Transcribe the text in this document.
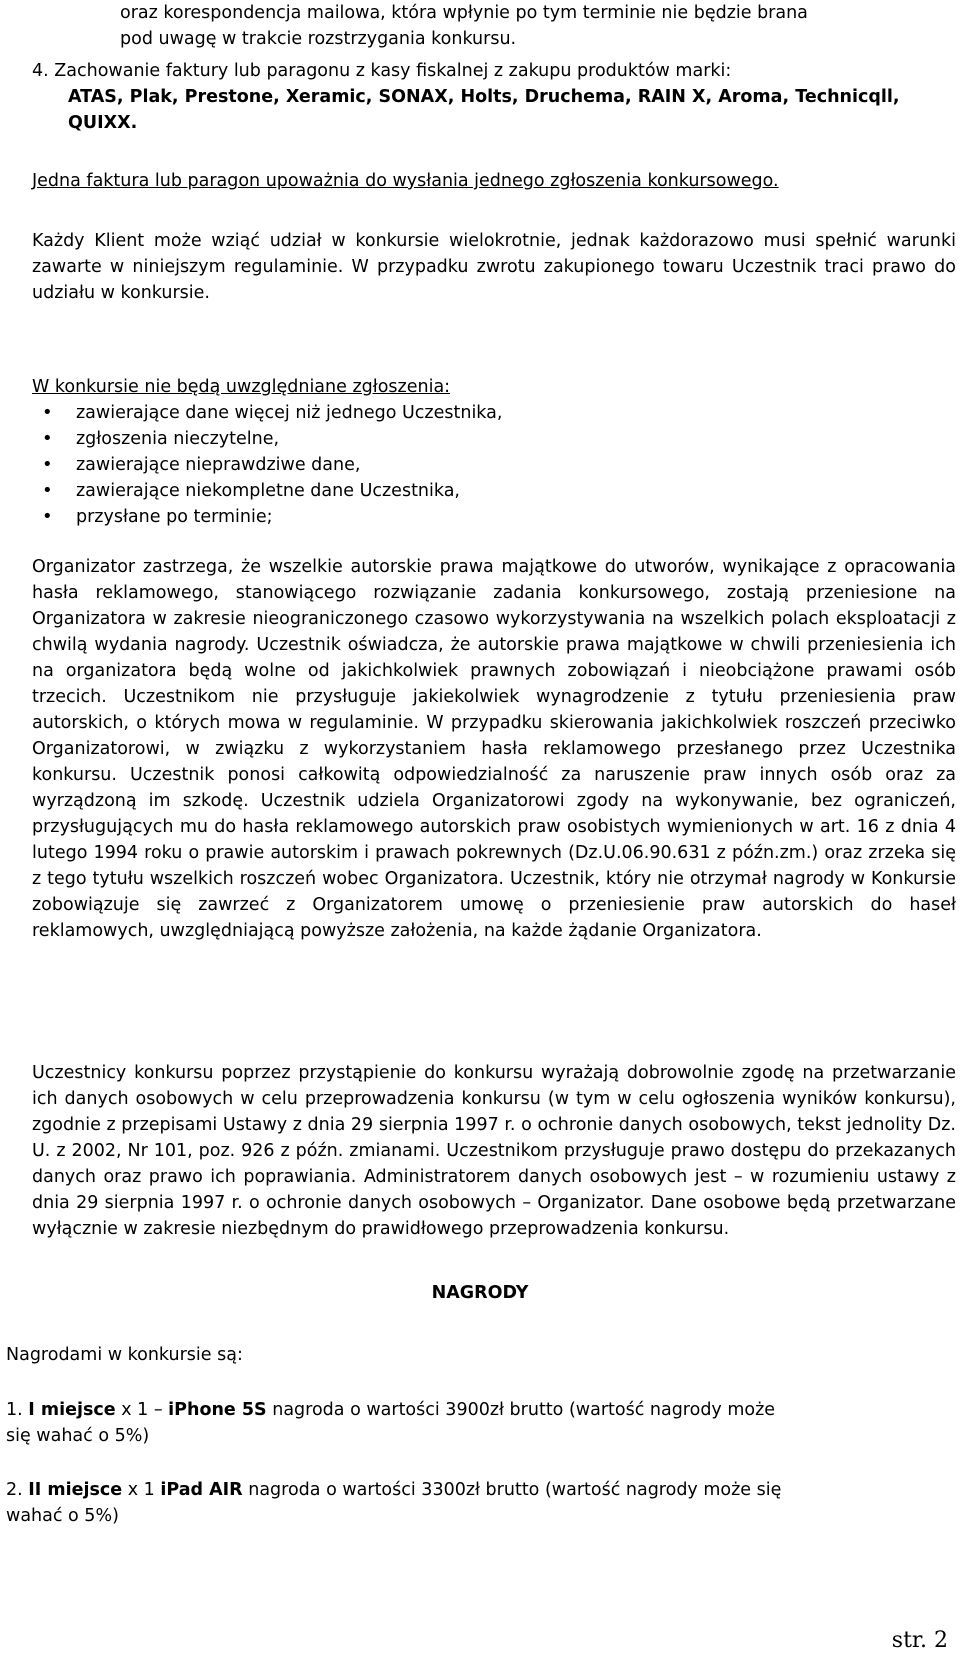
oraz korespondencja mailowa, która wpłynie po tym terminie nie będzie brana

pod uwagę w trakcie rozstrzygania konkursu.

4. Zachowanie faktury lub paragonu z kasy fiskalnej z zakupu produktów marki:

ATAS, Plak, Prestone, Xeramic, SONAX, Holts, Druchema, RAIN X, Aroma, Technicqll, QUIXX.

Jedna faktura lub paragon upoważnia do wysłania jednego zgłoszenia konkursowego.

Każdy Klient może wziąć udział w konkursie wielokrotnie, jednak każdorazowo musi spełnić warunki zawarte w niniejszym regulaminie. W przypadku zwrotu zakupionego towaru Uczestnik traci prawo do udziału w konkursie.

W konkursie nie będą uwzględniane zgłoszenia:

• zawierające dane więcej niż jednego Uczestnika,
• zgłoszenia nieczytelne,
• zawierające nieprawdziwe dane,
• zawierające niekompletne dane Uczestnika,
• przysłane po terminie;

Organizator zastrzega, że wszelkie autorskie prawa majątkowe do utworów, wynikające z opracowania hasła reklamowego, stanowiącego rozwiązanie zadania konkursowego, zostają przeniesione na Organizatora w zakresie nieograniczonego czasowo wykorzystywania na wszelkich polach eksploatacji z chwilą wydania nagrody. Uczestnik oświadcza, że autorskie prawa majątkowe w chwili przeniesienia ich na organizatora będą wolne od jakichkolwiek prawnych zobowiązań i nieobciążone prawami osób trzecich. Uczestnikom nie przysługuje jakiekolwiek wynagrodzenie z tytułu przeniesienia praw autorskich, o których mowa w regulaminie. W przypadku skierowania jakichkolwiek roszczeń przeciwko Organizatorowi, w związku z wykorzystaniem hasła reklamowego przesłanego przez Uczestnika konkursu. Uczestnik ponosi całkowitą odpowiedzialność za naruszenie praw innych osób oraz za wyrządzoną im szkodę. Uczestnik udziela Organizatorowi zgody na wykonywanie, bez ograniczeń, przysługujących mu do hasła reklamowego autorskich praw osobistych wymienionych w art. 16 z dnia 4 lutego 1994 roku o prawie autorskim i prawach pokrewnych (Dz.U.06.90.631 z późn.zm.) oraz zrzeka się z tego tytułu wszelkich roszczeń wobec Organizatora. Uczestnik, który nie otrzymał nagrody w Konkursie zobowiązuje się zawrzeć z Organizatorem umowę o przeniesienie praw autorskich do haseł reklamowych, uwzględniającą powyższe założenia, na każde żądanie Organizatora.

Uczestnicy konkursu poprzez przystąpienie do konkursu wyrażają dobrowolnie zgodę na przetwarzanie ich danych osobowych w celu przeprowadzenia konkursu (w tym w celu ogłoszenia wyników konkursu), zgodnie z przepisami Ustawy z dnia 29 sierpnia 1997 r. o ochronie danych osobowych, tekst jednolity Dz. U. z 2002, Nr 101, poz. 926 z późn. zmianami. Uczestnikom przysługuje prawo dostępu do przekazanych danych oraz prawo ich poprawiania. Administratorem danych osobowych jest – w rozumieniu ustawy z dnia 29 sierpnia 1997 r. o ochronie danych osobowych – Organizator. Dane osobowe będą przetwarzane wyłącznie w zakresie niezbędnym do prawidłowego przeprowadzenia konkursu.

NAGRODY

Nagrodami w konkursie są:

1. I miejsce x 1 – iPhone 5S nagroda o wartości 3900zł brutto (wartość nagrody może

się wahać o 5%)

2. II miejsce x 1 iPad AIR nagroda o wartości 3300zł brutto (wartość nagrody może się

wahać o 5%)

str. 2
